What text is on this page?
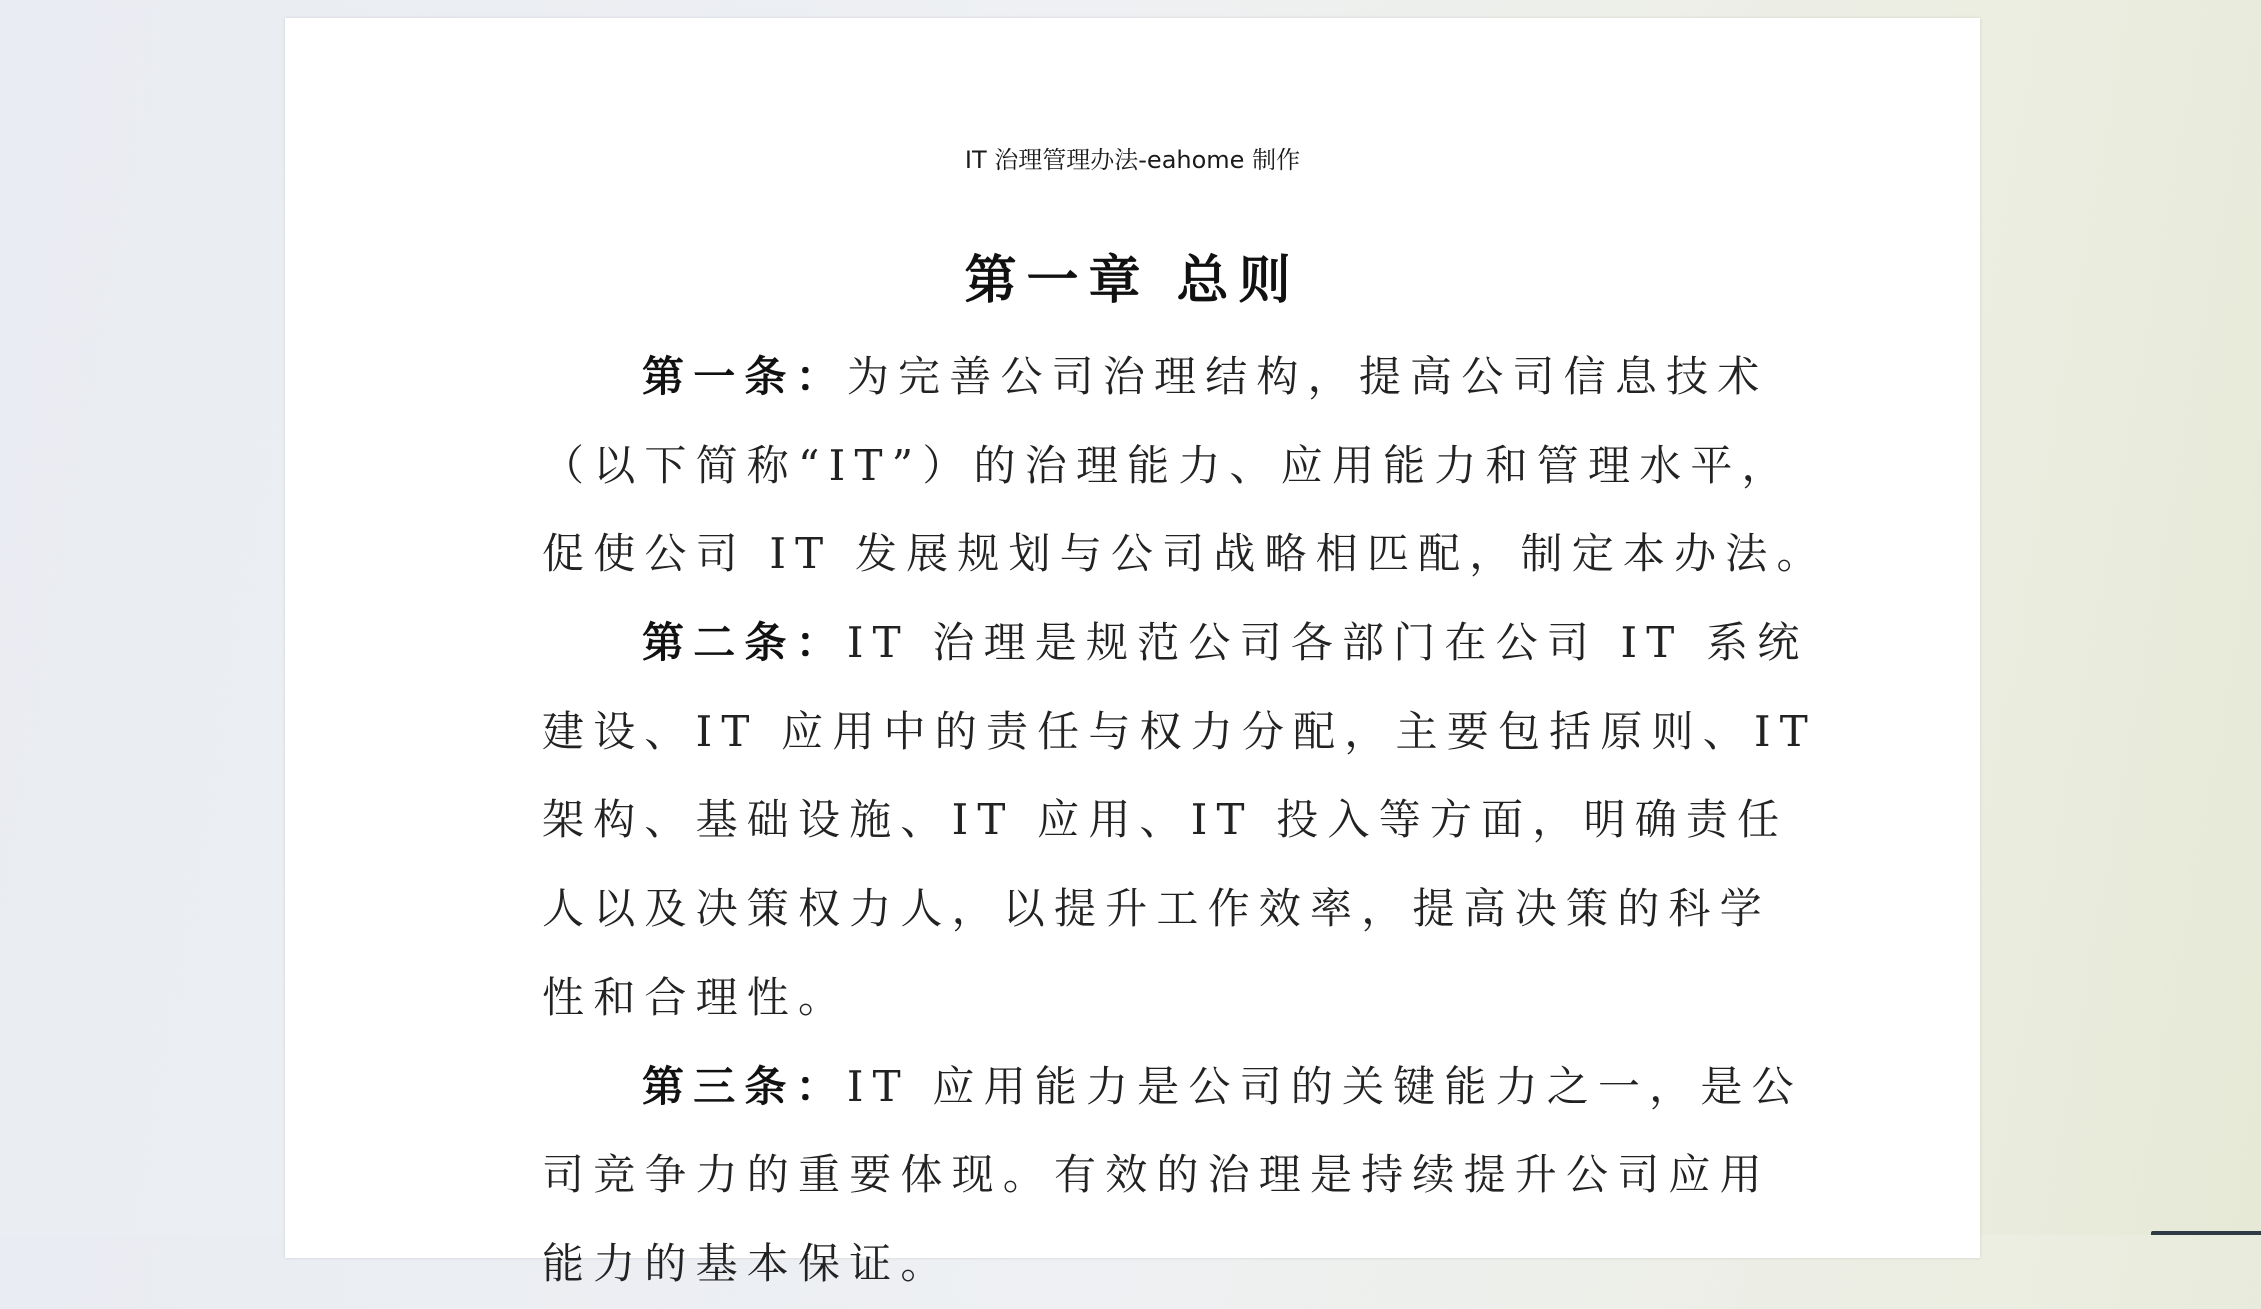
IT 治理管理办法-eahome 制作
第一章 总则
第一条：为完善公司治理结构，提高公司信息技术
（以下简称“IT”）的治理能力、应用能力和管理水平，
促使公司 IT 发展规划与公司战略相匹配，制定本办法。
第二条：IT 治理是规范公司各部门在公司 IT 系统
建设、IT 应用中的责任与权力分配，主要包括原则、IT
架构、基础设施、IT 应用、IT 投入等方面，明确责任
人以及决策权力人，以提升工作效率，提高决策的科学
性和合理性。
第三条：IT 应用能力是公司的关键能力之一，是公
司竞争力的重要体现。有效的治理是持续提升公司应用
能力的基本保证。
